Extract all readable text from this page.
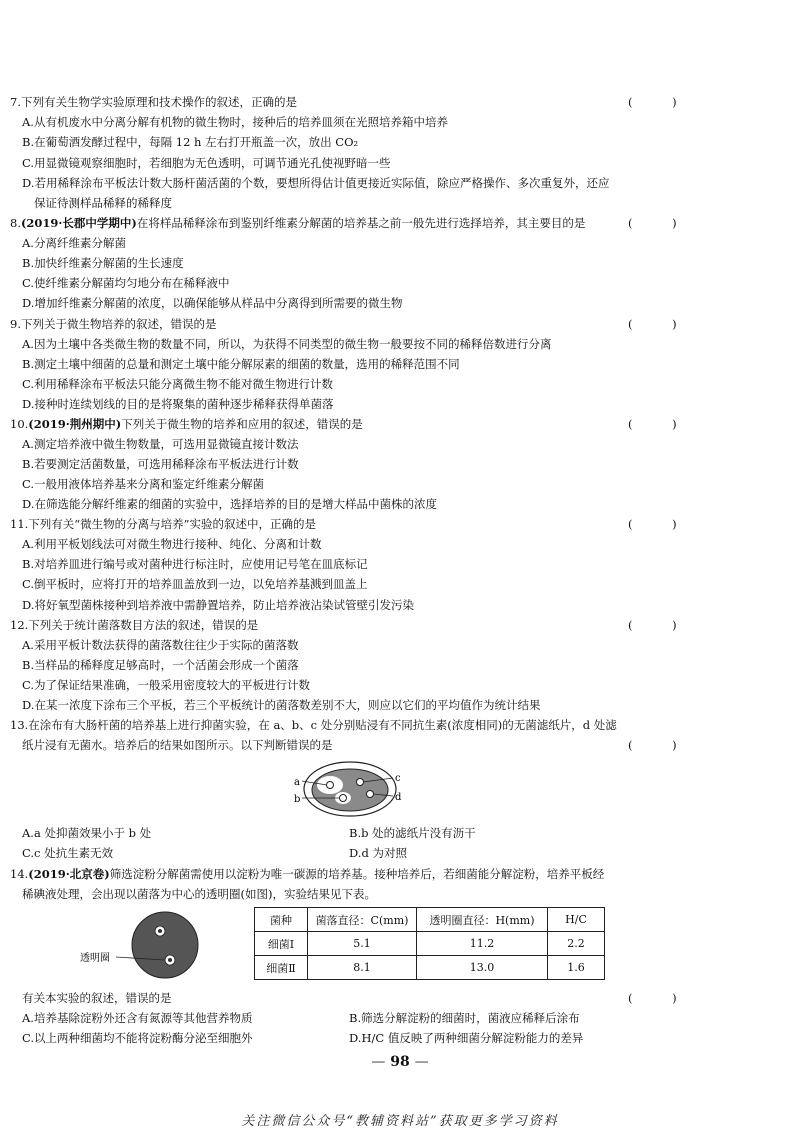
7.下列有关生物学实验原理和技术操作的叙述，正确的是	( )
A.从有机废水中分离分解有机物的微生物时，接种后的培养皿须在光照培养箱中培养
B.在葡萄酒发酵过程中，每隔 12 h 左右打开瓶盖一次，放出 CO₂
C.用显微镜观察细胞时，若细胞为无色透明，可调节通光孔使视野暗一些
D.若用稀释涂布平板法计数大肠杆菌活菌的个数，要想所得估计值更接近实际值，除应严格操作、多次重复外，还应
保证待测样品稀释的稀释度
8.(2019·长郡中学期中)在将样品稀释涂布到鉴别纤维素分解菌的培养基之前一般先进行选择培养，其主要目的是	( )
A.分离纤维素分解菌
B.加快纤维素分解菌的生长速度
C.使纤维素分解菌均匀地分布在稀释液中
D.增加纤维素分解菌的浓度，以确保能够从样品中分离得到所需要的微生物
9.下列关于微生物培养的叙述，错误的是	( )
A.因为土壤中各类微生物的数量不同，所以，为获得不同类型的微生物一般要按不同的稀释倍数进行分离
B.测定土壤中细菌的总量和测定土壤中能分解尿素的细菌的数量，选用的稀释范围不同
C.利用稀释涂布平板法只能分离微生物不能对微生物进行计数
D.接种时连续划线的目的是将聚集的菌种逐步稀释获得单菌落
10.(2019·荆州期中)下列关于微生物的培养和应用的叙述，错误的是	( )
A.测定培养液中微生物数量，可选用显微镜直接计数法
B.若要测定活菌数量，可选用稀释涂布平板法进行计数
C.一般用液体培养基来分离和鉴定纤维素分解菌
D.在筛选能分解纤维素的细菌的实验中，选择培养的目的是增大样品中菌株的浓度
11.下列有关“微生物的分离与培养”实验的叙述中，正确的是	( )
A.利用平板划线法可对微生物进行接种、纯化、分离和计数
B.对培养皿进行编号或对菌种进行标注时，应使用记号笔在皿底标记
C.倒平板时，应将打开的培养皿盖放到一边，以免培养基溅到皿盖上
D.将好氧型菌株接种到培养液中需静置培养，防止培养液沾染试管壁引发污染
12.下列关于统计菌落数目方法的叙述，错误的是	( )
A.采用平板计数法获得的菌落数往往少于实际的菌落数
B.当样品的稀释度足够高时，一个活菌会形成一个菌落
C.为了保证结果准确，一般采用密度较大的平板进行计数
D.在某一浓度下涂布三个平板，若三个平板统计的菌落数差别不大，则应以它们的平均值作为统计结果
13.在涂布有大肠杆菌的培养基上进行抑菌实验，在 a、b、c 处分别贴浸有不同抗生素(浓度相同)的无菌滤纸片，d 处滤
纸片浸有无菌水。培养后的结果如图所示。以下判断错误的是	( )
a
b
c
d
A.a 处抑菌效果小于 b 处	B.b 处的滤纸片没有沥干
C.c 处抗生素无效	D.d 为对照
14.(2019·北京卷)筛选淀粉分解菌需使用以淀粉为唯一碳源的培养基。接种培养后，若细菌能分解淀粉，培养平板经
稀碘液处理，会出现以菌落为中心的透明圈(如图)，实验结果见下表。
透明圈
菌种	菌落直径：C(mm)	透明圈直径：H(mm)	H/C
细菌Ⅰ	5.1	11.2	2.2
细菌Ⅱ	8.1	13.0	1.6
有关本实验的叙述，错误的是	( )
A.培养基除淀粉外还含有氮源等其他营养物质	B.筛选分解淀粉的细菌时，菌液应稀释后涂布
C.以上两种细菌均不能将淀粉酶分泌至细胞外	D.H/C 值反映了两种细菌分解淀粉能力的差异
— 98 —
关注微信公众号“教辅资料站”获取更多学习资料
